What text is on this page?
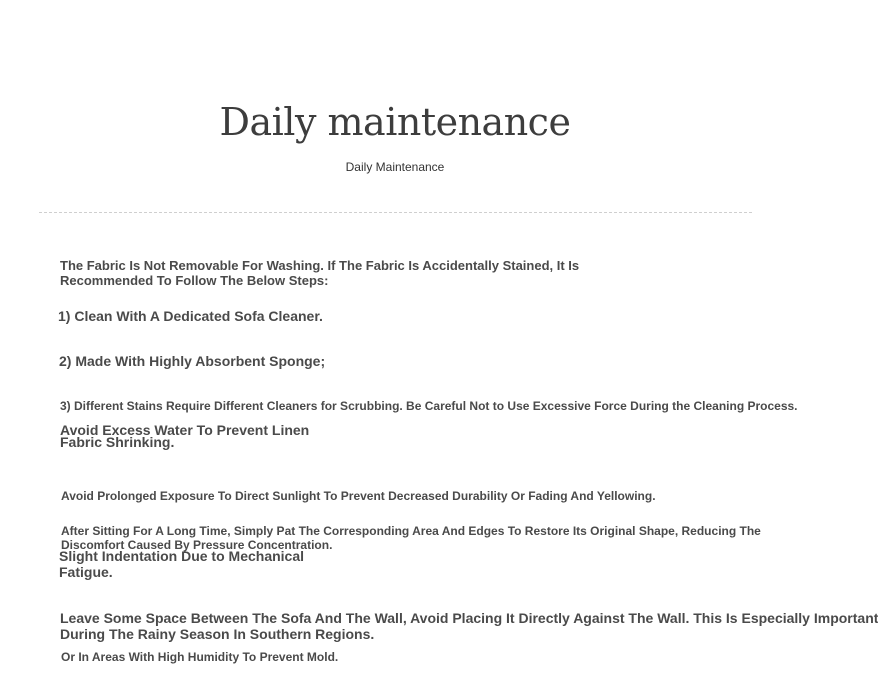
Daily maintenance
Daily Maintenance
The Fabric Is Not Removable For Washing. If The Fabric Is Accidentally Stained, It Is
Recommended To Follow The Below Steps:
1) Clean With A Dedicated Sofa Cleaner.
2) Made With Highly Absorbent Sponge;
3) Different Stains Require Different Cleaners for Scrubbing. Be Careful Not to Use Excessive Force During the Cleaning Process.
Avoid Excess Water To Prevent Linen
Fabric Shrinking.
Avoid Prolonged Exposure To Direct Sunlight To Prevent Decreased Durability Or Fading And Yellowing.
After Sitting For A Long Time, Simply Pat The Corresponding Area And Edges To Restore Its Original Shape, Reducing The
Discomfort Caused By Pressure Concentration.
Slight Indentation Due to Mechanical
Fatigue.
Leave Some Space Between The Sofa And The Wall, Avoid Placing It Directly Against The Wall. This Is Especially Important
During The Rainy Season In Southern Regions.
Or In Areas With High Humidity To Prevent Mold.
